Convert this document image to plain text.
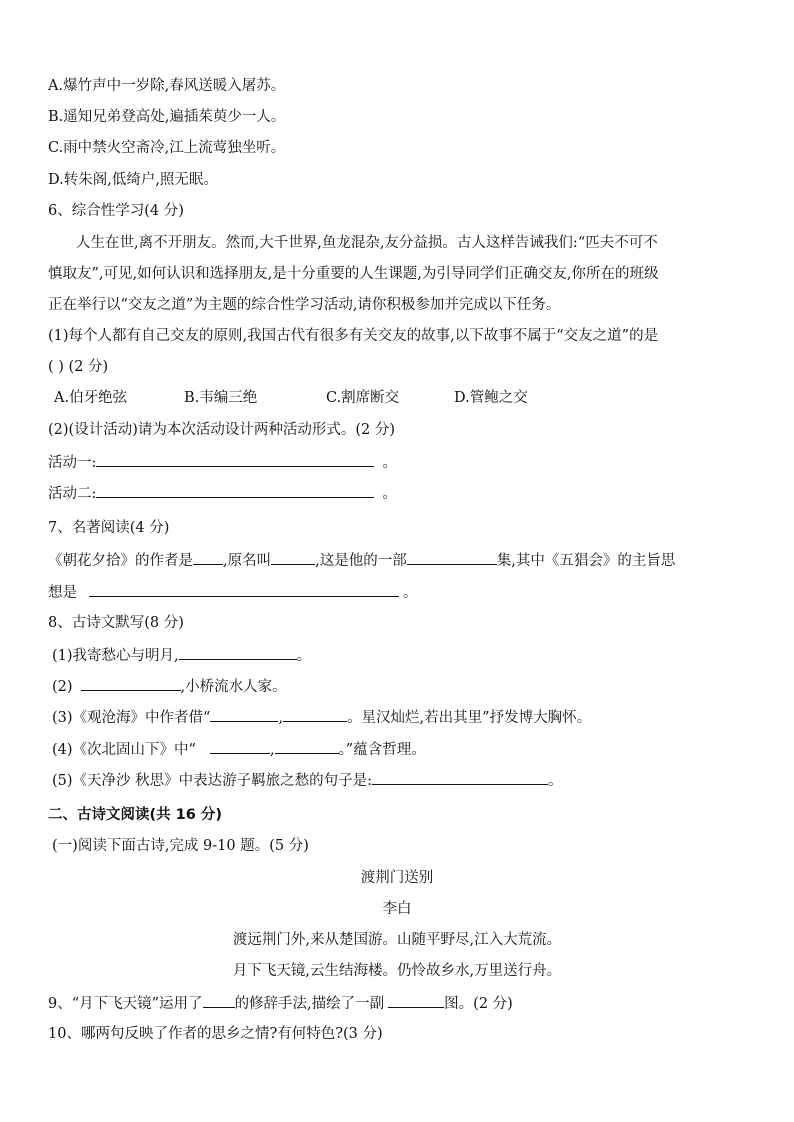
A.爆竹声中一岁除,春风送暖入屠苏。
B.遥知兄弟登高处,遍插茱萸少一人。
C.雨中禁火空斋冷,江上流莺独坐听。
D.转朱阁,低绮户,照无眠。
6、综合性学习(4 分)
人生在世,离不开朋友。然而,大千世界,鱼龙混杂,友分益损。古人这样告诫我们:“匹夫不可不
慎取友”,可见,如何认识和选择朋友,是十分重要的人生课题,为引导同学们正确交友,你所在的班级
正在举行以“交友之道”为主题的综合性学习活动,请你积极参加并完成以下任务。
(1)每个人都有自己交友的原则,我国古代有很多有关交友的故事,以下故事不属于“交友之道”的是
( ) (2 分)
A.伯牙绝弦	B.韦编三绝	C.割席断交	D.管鲍之交
(2)(设计活动)请为本次活动设计两种活动形式。(2 分)
活动一:	。
活动二:	。
7、名著阅读(4 分)
《朝花夕拾》的作者是 ,原名叫	,这是他的一部	集,其中《五猖会》的主旨思
想是	。
8、古诗文默写(8 分)
(1)我寄愁心与明月,	。
(2)	,小桥流水人家。
(3)《观沧海》中作者借“	,	。星汉灿烂,若出其里”抒发博大胸怀。
(4)《次北固山下》中“	,	。”蕴含哲理。
(5)《天净沙 秋思》中表达游子羁旅之愁的句子是:	。
二、古诗文阅读(共 16 分)
(一)阅读下面古诗,完成 9-10 题。(5 分)
渡荆门送别
李白
渡远荆门外,来从楚国游。山随平野尽,江入大荒流。
月下飞天镜,云生结海楼。仍怜故乡水,万里送行舟。
9、“月下飞天镜”运用了 的修辞手法,描绘了一副	图。(2 分)
10、哪两句反映了作者的思乡之情?有何特色?(3 分)
